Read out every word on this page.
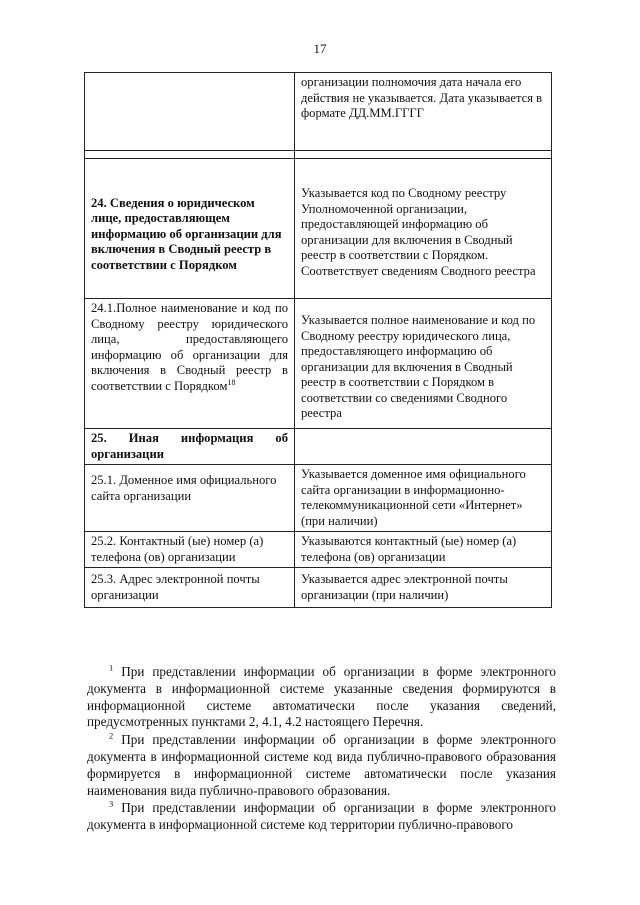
17
	организации полномочия дата начала его действия не указывается. Дата указывается в формате ДД.ММ.ГГГГ

24. Сведения о юридическом лице, предоставляющем информацию об организации для включения в Сводный реестр в соответствии с Порядком	Указывается код по Сводному реестру Уполномоченной организации, предоставляющей информацию об организации для включения в Сводный реестр в соответствии с Порядком. Соответствует сведениям Сводного реестра
24.1.Полное наименование и код по Сводному реестру юридического лица, предоставляющего информацию об организации для включения в Сводный реестр в соответствии с Порядком$^{18}$	Указывается полное наименование и код по Сводному реестру юридического лица, предоставляющего информацию об организации для включения в Сводный реестр в соответствии с Порядком в соответствии со сведениями Сводного реестра
25. Иная информация об организации	
25.1. Доменное имя официального сайта организации	Указывается доменное имя официального сайта организации в информационно-телекоммуникационной сети «Интернет» (при наличии)
25.2. Контактный (ые) номер (а) телефона (ов) организации	Указываются контактный (ые) номер (а) телефона (ов) организации
25.3. Адрес электронной почты организации	Указывается адрес электронной почты организации (при наличии)

$^1$ При представлении информации об организации в форме электронного документа в информационной системе указанные сведения формируются в информационной системе автоматически после указания сведений, предусмотренных пунктами 2, 4.1, 4.2 настоящего Перечня.

$^2$ При представлении информации об организации в форме электронного документа в информационной системе код вида публично-правового образования формируется в информационной системе автоматически после указания наименования вида публично-правового образования.

$^3$ При представлении информации об организации в форме электронного документа в информационной системе код территории публично-правового
